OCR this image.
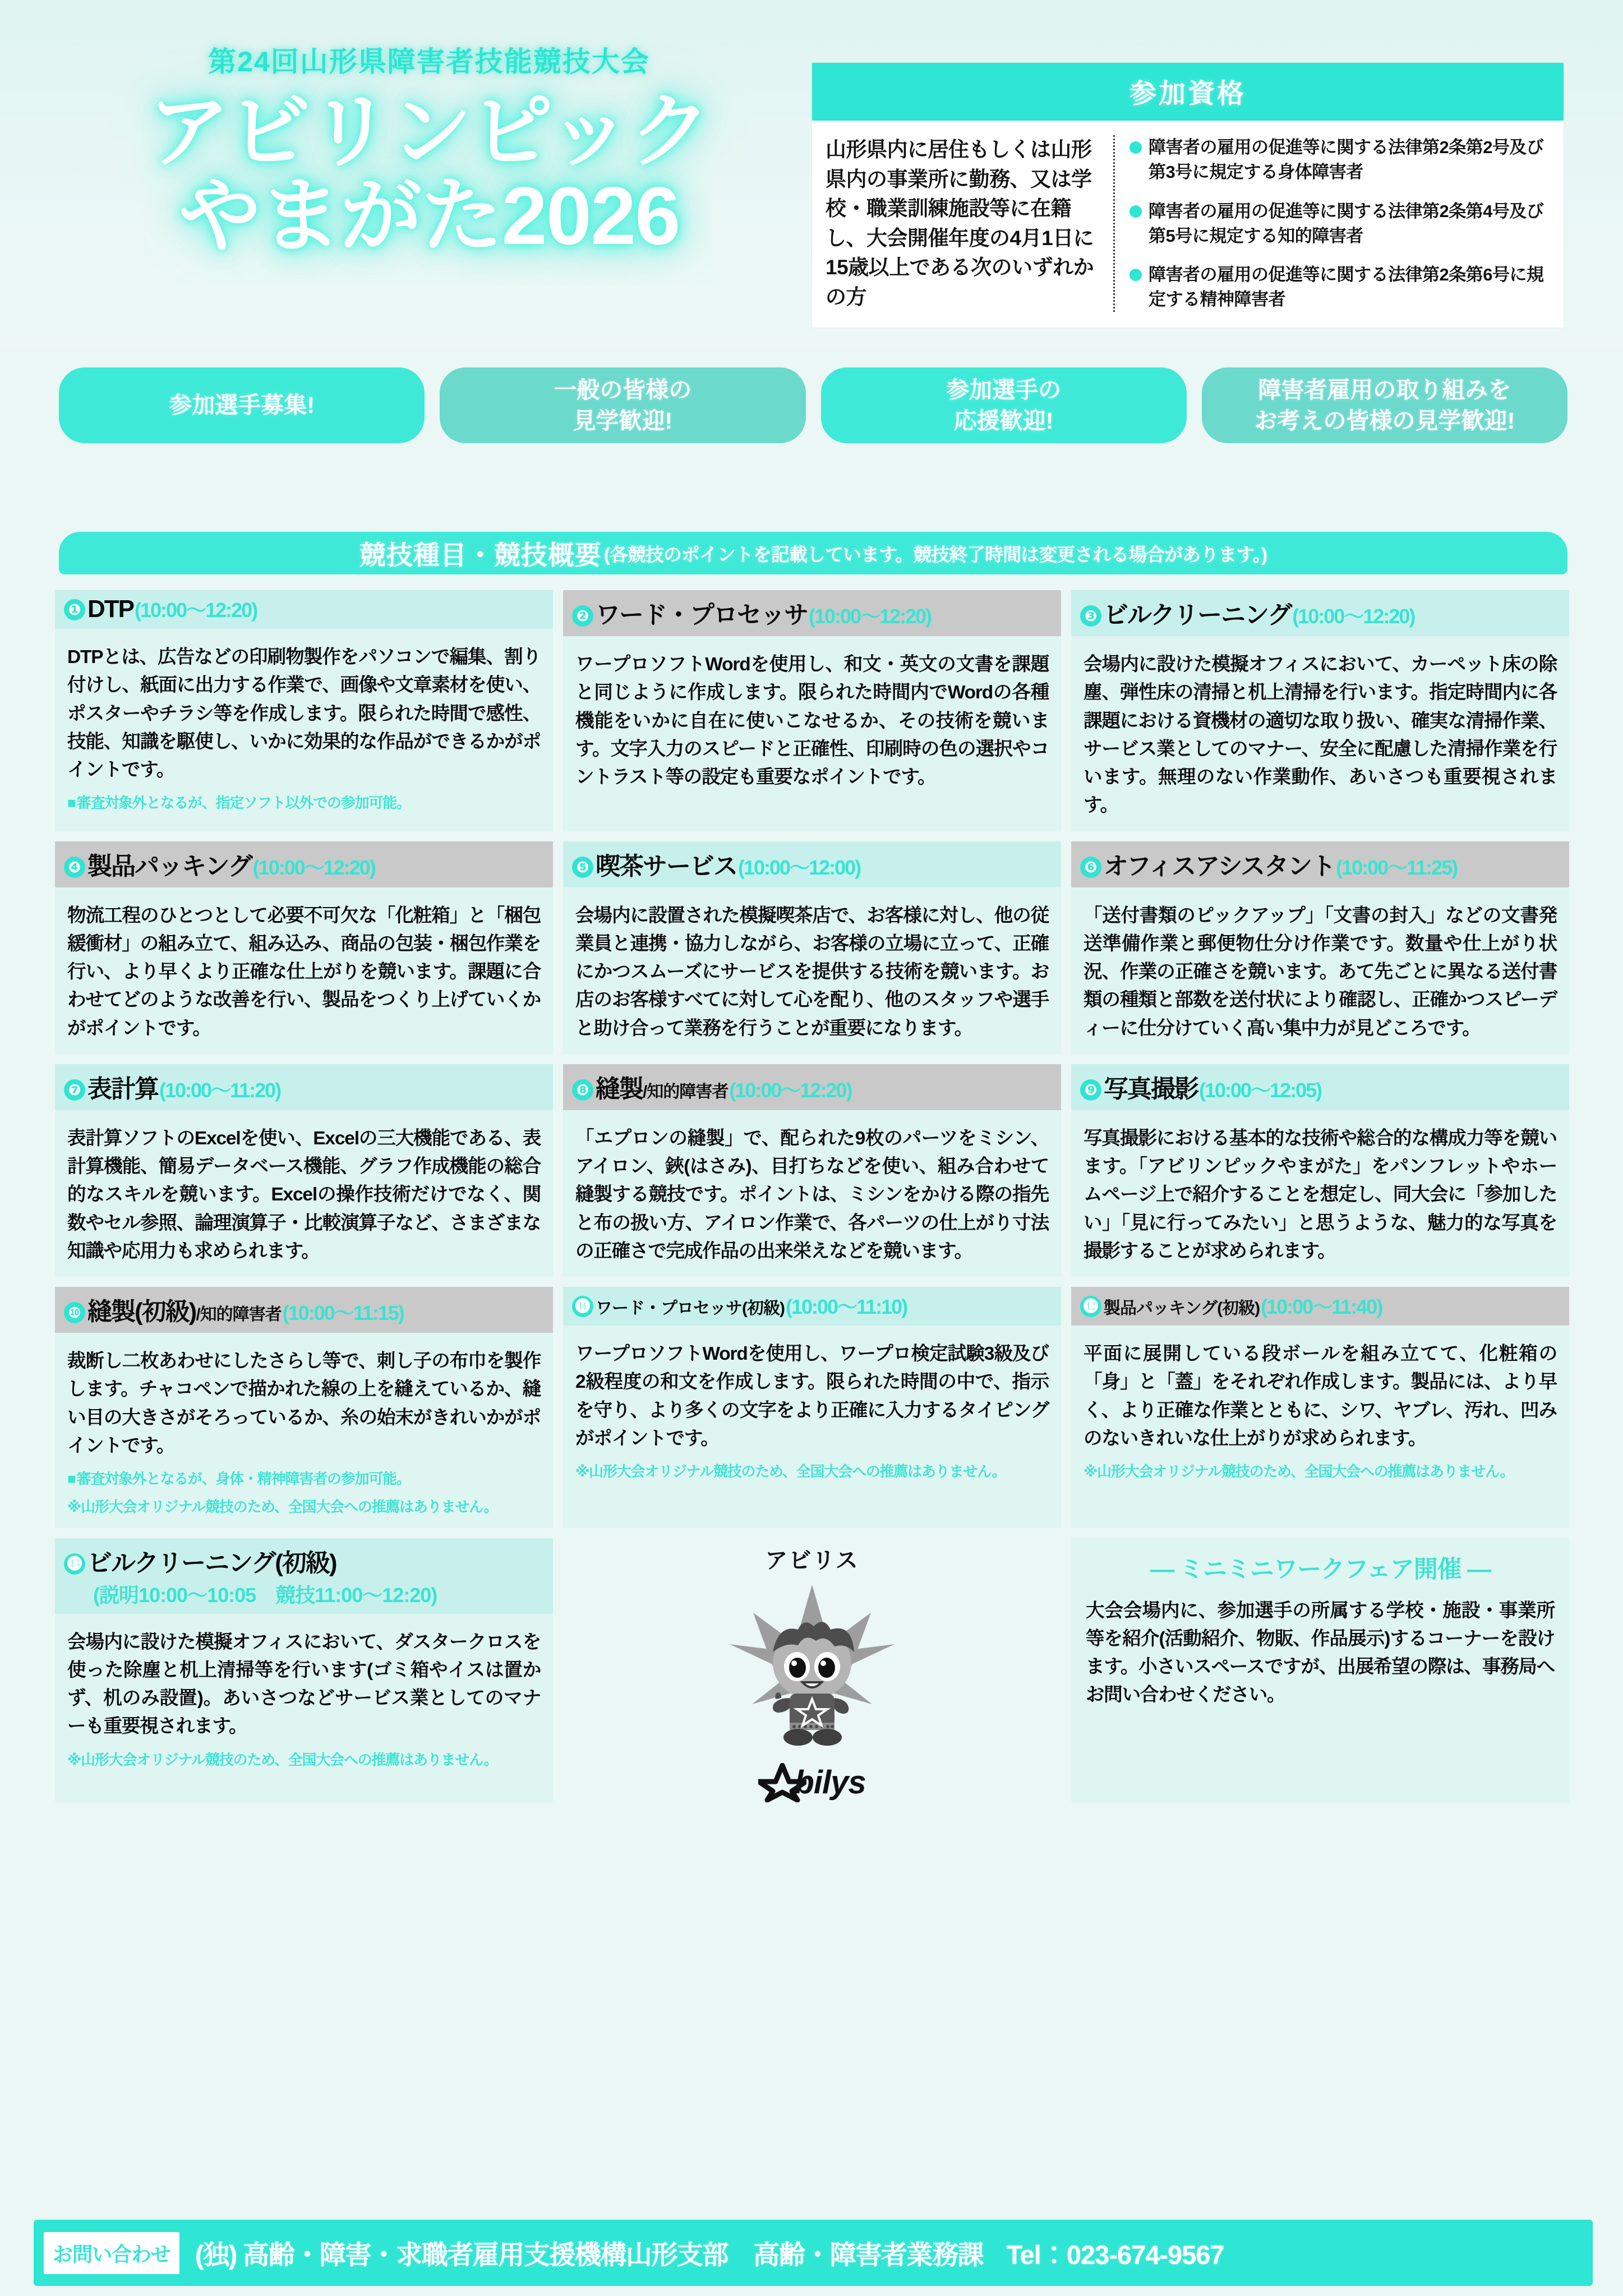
第24回山形県障害者技能競技大会
アビリンピック
やまがた2026
参加資格
山形県内に居住もしくは山形県内の事業所に勤務、又は学校・職業訓練施設等に在籍し、大会開催年度の4月1日に15歳以上である次のいずれかの方
障害者の雇用の促進等に関する法律第2条第2号及び第3号に規定する身体障害者
障害者の雇用の促進等に関する法律第2条第4号及び第5号に規定する知的障害者
障害者の雇用の促進等に関する法律第2条第6号に規定する精神障害者
参加選手募集!
一般の皆様の
見学歓迎!
参加選手の
応援歓迎!
障害者雇用の取り組みを
お考えの皆様の見学歓迎!
競技種目・競技概要 (各競技のポイントを記載しています。競技終了時間は変更される場合があります。)
❶ DTP(10:00〜12:20)
DTPとは、広告などの印刷物製作をパソコンで編集、割り付けし、紙面に出力する作業で、画像や文章素材を使い、ポスターやチラシ等を作成します。限られた時間で感性、技能、知識を駆使し、いかに効果的な作品ができるかがポイントです。
■ 審査対象外となるが、指定ソフト以外での参加可能。
❷ ワード・プロセッサ(10:00〜12:20)
ワープロソフトWordを使用し、和文・英文の文書を課題と同じように作成します。限られた時間内でWordの各種機能をいかに自在に使いこなせるか、その技術を競います。文字入力のスピードと正確性、印刷時の色の選択やコントラスト等の設定も重要なポイントです。
❸ ビルクリーニング(10:00〜12:20)
会場内に設けた模擬オフィスにおいて、カーペット床の除塵、弾性床の清掃と机上清掃を行います。指定時間内に各課題における資機材の適切な取り扱い、確実な清掃作業、サービス業としてのマナー、安全に配慮した清掃作業を行います。無理のない作業動作、あいさつも重要視されます。
❹ 製品パッキング(10:00〜12:20)
物流工程のひとつとして必要不可欠な「化粧箱」と「梱包緩衝材」の組み立て、組み込み、商品の包装・梱包作業を行い、より早くより正確な仕上がりを競います。課題に合わせてどのような改善を行い、製品をつくり上げていくかがポイントです。
❺ 喫茶サービス(10:00〜12:00)
会場内に設置された模擬喫茶店で、お客様に対し、他の従業員と連携・協力しながら、お客様の立場に立って、正確にかつスムーズにサービスを提供する技術を競います。お店のお客様すべてに対して心を配り、他のスタッフや選手と助け合って業務を行うことが重要になります。
❻ オフィスアシスタント(10:00〜11:25)
「送付書類のピックアップ」「文書の封入」などの文書発送準備作業と郵便物仕分け作業です。数量や仕上がり状況、作業の正確さを競います。あて先ごとに異なる送付書類の種類と部数を送付状により確認し、正確かつスピーディーに仕分けていく高い集中力が見どころです。
❼ 表計算(10:00〜11:20)
表計算ソフトのExcelを使い、Excelの三大機能である、表計算機能、簡易データベース機能、グラフ作成機能の総合的なスキルを競います。Excelの操作技術だけでなく、関数やセル参照、論理演算子・比較演算子など、さまざまな知識や応用力も求められます。
❽ 縫製/知的障害者(10:00〜12:20)
「エプロンの縫製」で、配られた9枚のパーツをミシン、アイロン、鋏(はさみ)、目打ちなどを使い、組み合わせて縫製する競技です。ポイントは、ミシンをかける際の指先と布の扱い方、アイロン作業で、各パーツの仕上がり寸法の正確さで完成作品の出来栄えなどを競います。
❾ 写真撮影(10:00〜12:05)
写真撮影における基本的な技術や総合的な構成力等を競います。「アビリンピックやまがた」をパンフレットやホームページ上で紹介することを想定し、同大会に「参加したい」「見に行ってみたい」と思うような、魅力的な写真を撮影することが求められます。
❿ 縫製(初級)/知的障害者(10:00〜11:15)
裁断し二枚あわせにしたさらし等で、刺し子の布巾を製作します。チャコペンで描かれた線の上を縫えているか、縫い目の大きさがそろっているか、糸の始末がきれいかがポイントです。
■ 審査対象外となるが、身体・精神障害者の参加可能。
※ 山形大会オリジナル競技のため、全国大会への推薦はありません。
⓫ ワード・プロセッサ(初級)(10:00〜11:10)
ワープロソフトWordを使用し、ワープロ検定試験3級及び2級程度の和文を作成します。限られた時間の中で、指示を守り、より多くの文字をより正確に入力するタイピングがポイントです。
※ 山形大会オリジナル競技のため、全国大会への推薦はありません。
⓬ 製品パッキング(初級)(10:00〜11:40)
平面に展開している段ボールを組み立てて、化粧箱の「身」と「蓋」をそれぞれ作成します。製品には、より早く、より正確な作業とともに、シワ、ヤブレ、汚れ、凹みのないきれいな仕上がりが求められます。
※ 山形大会オリジナル競技のため、全国大会への推薦はありません。
⓭ ビルクリーニング(初級)
(説明10:00〜10:05　競技11:00〜12:20)
会場内に設けた模擬オフィスにおいて、ダスタークロスを使った除塵と机上清掃等を行います(ゴミ箱やイスは置かず、机のみ設置)。あいさつなどサービス業としてのマナーも重要視されます。
※ 山形大会オリジナル競技のため、全国大会への推薦はありません。
アビリス
bilys
— ミニミニワークフェア開催 —
大会会場内に、参加選手の所属する学校・施設・事業所等を紹介(活動紹介、物販、作品展示)するコーナーを設けます。小さいスペースですが、出展希望の際は、事務局へお問い合わせください。
お問い合わせ (独) 高齢・障害・求職者雇用支援機構山形支部　高齢・障害者業務課 Tel：023-674-9567
